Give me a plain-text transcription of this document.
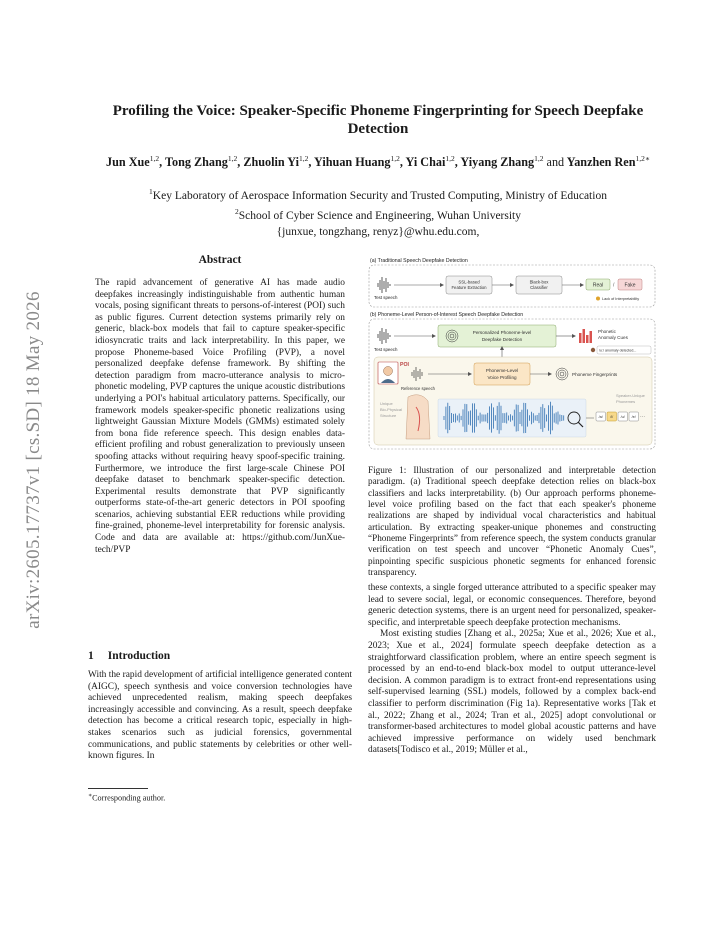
arXiv:2605.17737v1 [cs.SD] 18 May 2026
Profiling the Voice: Speaker-Specific Phoneme Fingerprinting for Speech Deepfake Detection
Jun Xue$^{1,2}$, Tong Zhang$^{1,2}$, Zhuolin Yi$^{1,2}$, Yihuan Huang$^{1,2}$, Yi Chai$^{1,2}$, Yiyang Zhang$^{1,2}$ and Yanzhen Ren$^{1,2∗}$
$^1$Key Laboratory of Aerospace Information Security and Trusted Computing, Ministry of Education
$^2$School of Cyber Science and Engineering, Wuhan University
{junxue, tongzhang, renyz}@whu.edu.com,
Abstract
The rapid advancement of generative AI has made audio deepfakes increasingly indistinguishable from authentic human vocals, posing significant threats to persons-of-interest (POI) such as public figures. Current detection systems primarily rely on generic, black-box models that fail to capture speaker-specific idiosyncratic traits and lack interpretability. In this paper, we propose Phoneme-based Voice Profiling (PVP), a novel personalized deepfake defense framework. By shifting the detection paradigm from macro-utterance analysis to micro-phonetic modeling, PVP captures the unique acoustic distributions underlying a POI's habitual articulatory patterns. Specifically, our framework models speaker-specific phonetic realizations using lightweight Gaussian Mixture Models (GMMs) estimated solely from bona fide reference speech. This design enables data-efficient profiling and robust generalization to previously unseen spoofing attacks without requiring heavy spoof-specific training. Furthermore, we introduce the first large-scale Chinese POI deepfake dataset to benchmark speaker-specific detection. Experimental results demonstrate that PVP significantly outperforms state-of-the-art generic detectors in POI spoofing scenarios, achieving substantial EER reductions while providing fine-grained, phoneme-level interpretability for forensic analysis. Code and data are available at: https://github.com/JunXue-tech/PVP
1 Introduction

With the rapid development of artificial intelligence generated content (AIGC), speech synthesis and voice conversion technologies have achieved unprecedented realism, making speech deepfakes increasingly accessible and convincing. As a result, speech deepfake detection has become a critical research topic, especially in high-stakes scenarios such as judicial forensics, governmental communications, and public statements by celebrities or other well-known figures. In

∗Corresponding author.
(a) Traditional Speech Deepfake Detection
Test speech
SSL-based
Feature Extraction
Black-box
Classifier	Real / Fake
Lack of Interpretability
(b) Phoneme-Level Person-of-Interest Speech Deepfake Detection
Test speech
Personalized Phoneme-level
Deepfake Detection
Phonetic
Anomaly Cues
/u:/ anomaly detected...
POI
Reference speech
Phoneme-Level
Voice Profiling
Phoneme Fingerprints
Unique
Bio-Physical
Structure
Speaker-Unique
Phonemes
/a/ /i/ /u/ /e/ ···

Figure 1: Illustration of our personalized and interpretable detection paradigm. (a) Traditional speech deepfake detection relies on black-box classifiers and lacks interpretability. (b) Our approach performs phoneme-level voice profiling based on the fact that each speaker's phoneme realizations are shaped by individual vocal characteristics and habitual articulation. By extracting speaker-unique phonemes and constructing “Phoneme Fingerprints” from reference speech, the system conducts granular verification on test speech and uncover “Phonetic Anomaly Cues”, pinpointing specific suspicious phonetic segments for enhanced forensic transparency.

these contexts, a single forged utterance attributed to a specific speaker may lead to severe social, legal, or economic consequences. Therefore, beyond generic detection systems, there is an urgent need for personalized, speaker-specific, and interpretable speech deepfake protection mechanisms.

Most existing studies [Zhang et al., 2025a; Xue et al., 2026; Xue et al., 2023; Xue et al., 2024] formulate speech deepfake detection as a straightforward classification problem, where an entire speech segment is processed by an end-to-end black-box model to output utterance-level decision. A common paradigm is to extract front-end representations using self-supervised learning (SSL) models, followed by a complex back-end classifier to perform discrimination (Fig 1a). Representative works [Tak et al., 2022; Zhang et al., 2024; Tran et al., 2025] adopt convolutional or transformer-based architectures to model global acoustic patterns and have achieved impressive performance on widely used benchmark datasets[Todisco et al., 2019; Müller et al.,
